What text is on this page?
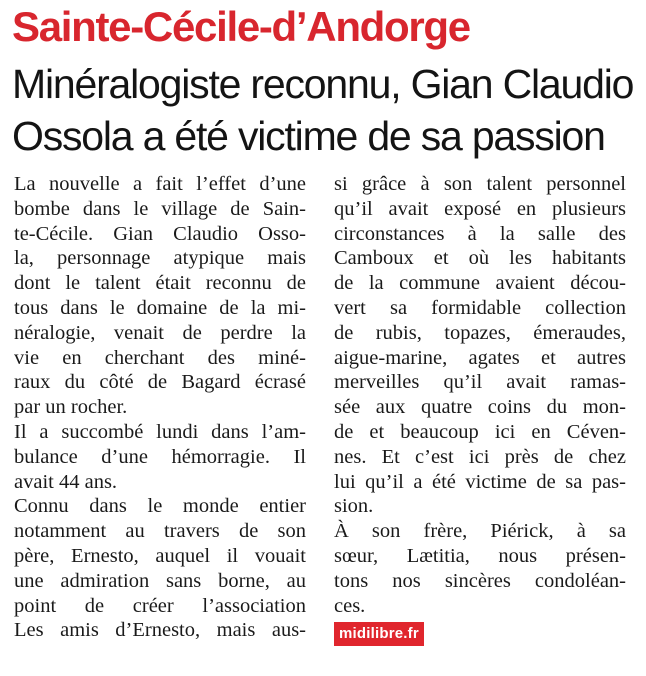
Sainte-Cécile-d’Andorge
Minéralogiste reconnu, Gian Claudio
Ossola a été victime de sa passion
La nouvelle a fait l’effet d’une
bombe dans le village de Sain-
te-Cécile. Gian Claudio Osso-
la, personnage atypique mais
dont le talent était reconnu de
tous dans le domaine de la mi-
néralogie, venait de perdre la
vie en cherchant des miné-
raux du côté de Bagard écrasé
par un rocher.
Il a succombé lundi dans l’am-
bulance d’une hémorragie. Il
avait 44 ans.
Connu dans le monde entier
notamment au travers de son
père, Ernesto, auquel il vouait
une admiration sans borne, au
point de créer l’association
Les amis d’Ernesto, mais aus-
si grâce à son talent personnel
qu’il avait exposé en plusieurs
circonstances à la salle des
Camboux et où les habitants
de la commune avaient décou-
vert sa formidable collection
de rubis, topazes, émeraudes,
aigue-marine, agates et autres
merveilles qu’il avait ramas-
sée aux quatre coins du mon-
de et beaucoup ici en Céven-
nes. Et c’est ici près de chez
lui qu’il a été victime de sa pas-
sion.
À son frère, Piérick, à sa
sœur, Lætitia, nous présen-
tons nos sincères condoléan-
ces.
midilibre.fr
